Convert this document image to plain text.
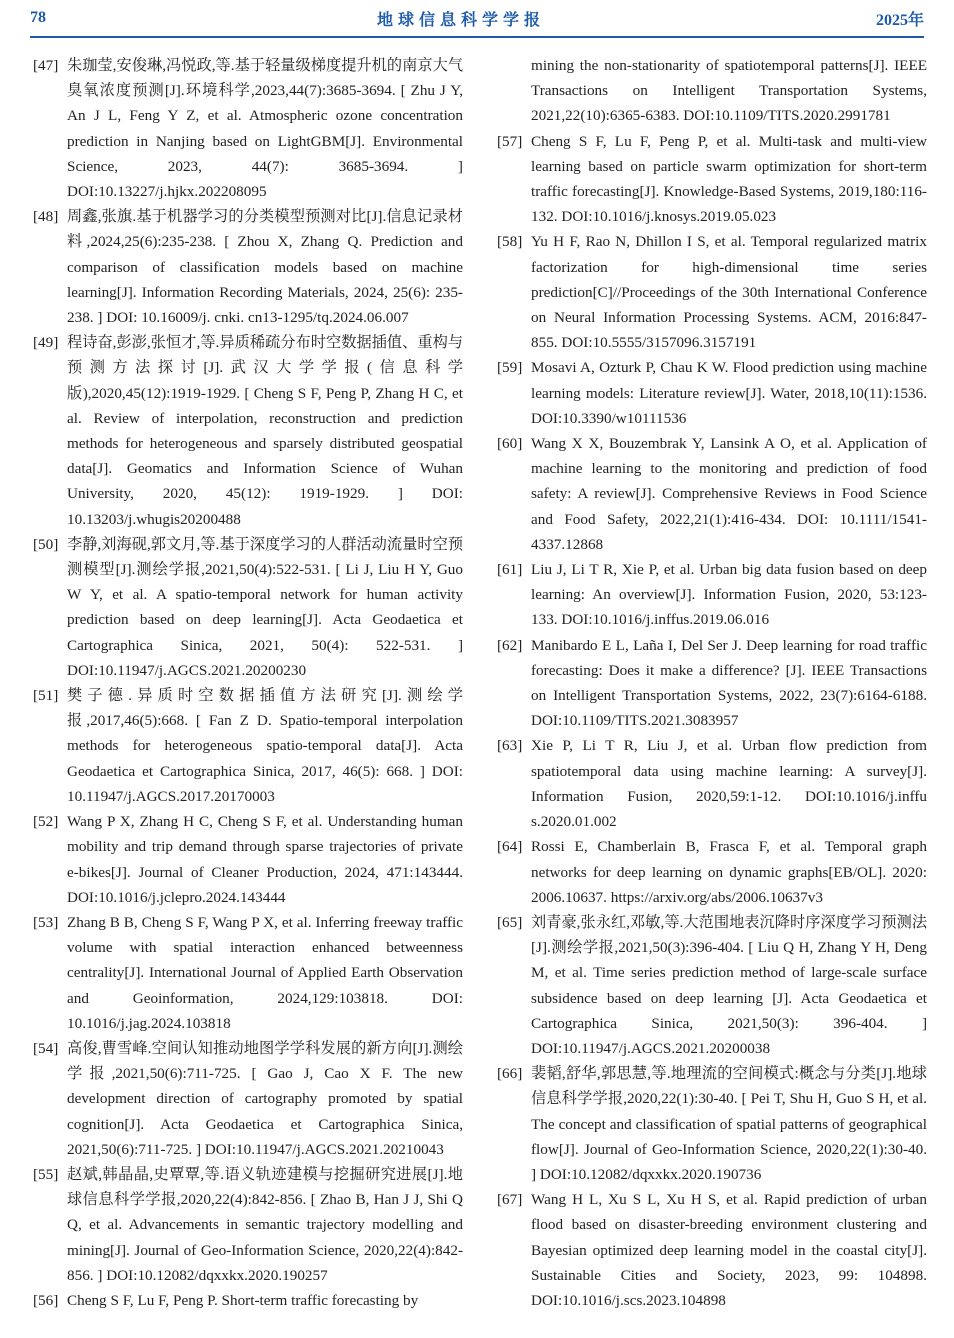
78	地球信息科学学报	2025年
[47] 朱珈莹,安俊琳,冯悦政,等.基于轻量级梯度提升机的南京大气臭氧浓度预测[J].环境科学,2023,44(7):3685-3694. [ Zhu J Y, An J L, Feng Y Z, et al. Atmospheric ozone concentration prediction in Nanjing based on LightGBM[J]. Environmental Science, 2023, 44(7): 3685-3694. ] DOI:10.13227/j.hjkx.202208095
[48] 周鑫,张旗.基于机器学习的分类模型预测对比[J].信息记录材料,2024,25(6):235-238. [ Zhou X, Zhang Q. Prediction and comparison of classification models based on machine learning[J]. Information Recording Materials, 2024, 25(6): 235-238. ] DOI: 10.16009/j. cnki. cn13-1295/tq.2024.06.007
[49] 程诗奋,彭澎,张恒才,等.异质稀疏分布时空数据插值、重构与预测方法探讨[J].武汉大学学报(信息科学版),2020,45(12):1919-1929. [ Cheng S F, Peng P, Zhang H C, et al. Review of interpolation, reconstruction and prediction methods for heterogeneous and sparsely distributed geospatial data[J]. Geomatics and Information Science of Wuhan University, 2020, 45(12): 1919-1929. ] DOI: 10.13203/j.whugis20200488
[50] 李静,刘海砚,郭文月,等.基于深度学习的人群活动流量时空预测模型[J].测绘学报,2021,50(4):522-531. [ Li J, Liu H Y, Guo W Y, et al. A spatio-temporal network for human activity prediction based on deep learning[J]. Acta Geodaetica et Cartographica Sinica, 2021, 50(4): 522-531. ] DOI:10.11947/j.AGCS.2021.20200230
[51] 樊子德.异质时空数据插值方法研究[J].测绘学报,2017,46(5):668. [ Fan Z D. Spatio-temporal interpolation methods for heterogeneous spatio-temporal data[J]. Acta Geodaetica et Cartographica Sinica, 2017, 46(5): 668. ] DOI: 10.11947/j.AGCS.2017.20170003
[52] Wang P X, Zhang H C, Cheng S F, et al. Understanding human mobility and trip demand through sparse trajectories of private e-bikes[J]. Journal of Cleaner Production, 2024, 471:143444. DOI:10.1016/j.jclepro.2024.143444
[53] Zhang B B, Cheng S F, Wang P X, et al. Inferring freeway traffic volume with spatial interaction enhanced betweenness centrality[J]. International Journal of Applied Earth Observation and Geoinformation, 2024,129:103818. DOI: 10.1016/j.jag.2024.103818
[54] 高俊,曹雪峰.空间认知推动地图学学科发展的新方向[J].测绘学报,2021,50(6):711-725. [ Gao J, Cao X F. The new development direction of cartography promoted by spatial cognition[J]. Acta Geodaetica et Cartographica Sinica, 2021,50(6):711-725. ] DOI:10.11947/j.AGCS.2021.20210043
[55] 赵斌,韩晶晶,史覃覃,等.语义轨迹建模与挖掘研究进展[J].地球信息科学学报,2020,22(4):842-856. [ Zhao B, Han J J, Shi Q Q, et al. Advancements in semantic trajectory modelling and mining[J]. Journal of Geo-Information Science, 2020,22(4):842-856. ] DOI:10.12082/dqxxkx.2020.190257
[56] Cheng S F, Lu F, Peng P. Short-term traffic forecasting by
mining the non-stationarity of spatiotemporal patterns[J]. IEEE Transactions on Intelligent Transportation Systems, 2021,22(10):6365-6383. DOI:10.1109/TITS.2020.2991781
[57] Cheng S F, Lu F, Peng P, et al. Multi-task and multi-view learning based on particle swarm optimization for short-term traffic forecasting[J]. Knowledge-Based Systems, 2019,180:116-132. DOI:10.1016/j.knosys.2019.05.023
[58] Yu H F, Rao N, Dhillon I S, et al. Temporal regularized matrix factorization for high-dimensional time series prediction[C]//Proceedings of the 30th International Conference on Neural Information Processing Systems. ACM, 2016:847-855. DOI:10.5555/3157096.3157191
[59] Mosavi A, Ozturk P, Chau K W. Flood prediction using machine learning models: Literature review[J]. Water, 2018,10(11):1536. DOI:10.3390/w10111536
[60] Wang X X, Bouzembrak Y, Lansink A O, et al. Application of machine learning to the monitoring and prediction of food safety: A review[J]. Comprehensive Reviews in Food Science and Food Safety, 2022,21(1):416-434. DOI: 10.1111/1541-4337.12868
[61] Liu J, Li T R, Xie P, et al. Urban big data fusion based on deep learning: An overview[J]. Information Fusion, 2020, 53:123-133. DOI:10.1016/j.inffus.2019.06.016
[62] Manibardo E L, Laña I, Del Ser J. Deep learning for road traffic forecasting: Does it make a difference? [J]. IEEE Transactions on Intelligent Transportation Systems, 2022, 23(7):6164-6188. DOI:10.1109/TITS.2021.3083957
[63] Xie P, Li T R, Liu J, et al. Urban flow prediction from spatiotemporal data using machine learning: A survey[J]. Information Fusion, 2020,59:1-12. DOI:10.1016/j.inffu s.2020.01.002
[64] Rossi E, Chamberlain B, Frasca F, et al. Temporal graph networks for deep learning on dynamic graphs[EB/OL]. 2020: 2006.10637. https://arxiv.org/abs/2006.10637v3
[65] 刘青豪,张永红,邓敏,等.大范围地表沉降时序深度学习预测法[J].测绘学报,2021,50(3):396-404. [ Liu Q H, Zhang Y H, Deng M, et al. Time series prediction method of large-scale surface subsidence based on deep learning [J]. Acta Geodaetica et Cartographica Sinica, 2021,50(3): 396-404. ] DOI:10.11947/j.AGCS.2021.20200038
[66] 裴韬,舒华,郭思慧,等.地理流的空间模式:概念与分类[J].地球信息科学学报,2020,22(1):30-40. [ Pei T, Shu H, Guo S H, et al. The concept and classification of spatial patterns of geographical flow[J]. Journal of Geo-Information Science, 2020,22(1):30-40. ] DOI:10.12082/dqxxkx.2020.190736
[67] Wang H L, Xu S L, Xu H S, et al. Rapid prediction of urban flood based on disaster-breeding environment clustering and Bayesian optimized deep learning model in the coastal city[J]. Sustainable Cities and Society, 2023, 99: 104898. DOI:10.1016/j.scs.2023.104898
